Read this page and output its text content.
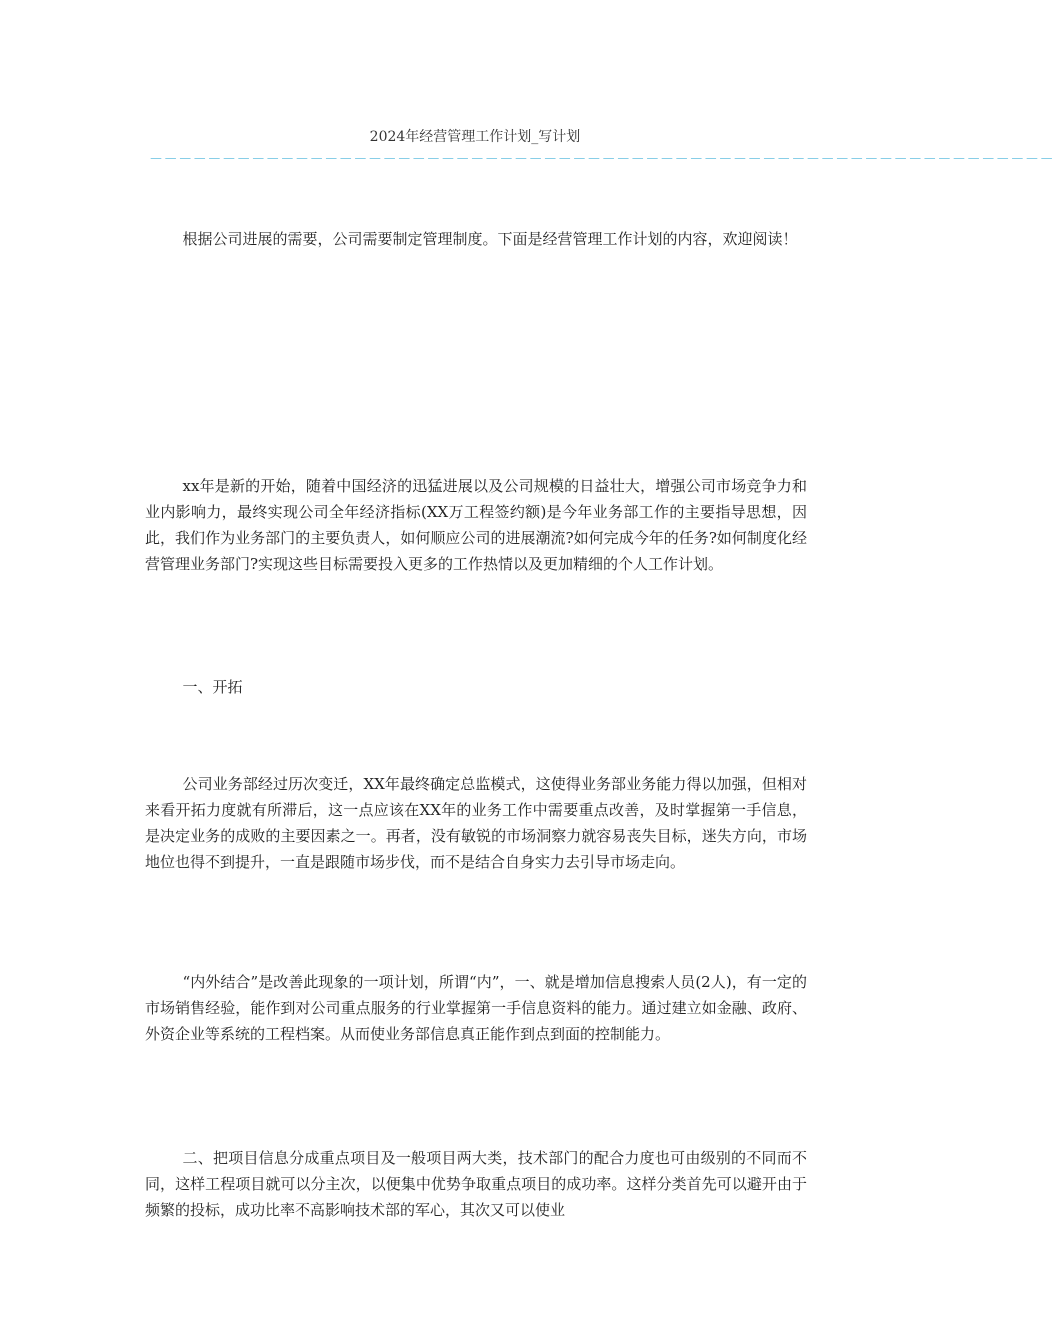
2024年经营管理工作计划_写计划
－－－－－－－－－－－－－－－－－－－－－－－－－－－－－－－－－－－－－－－－－－－－－－－－－－－－－－－－－－－－－－

根据公司进展的需要，公司需要制定管理制度。下面是经营管理工作计划的内容，欢迎阅读！

xx年是新的开始，随着中国经济的迅猛进展以及公司规模的日益壮大，增强公司市场竞争力和业内影响力，最终实现公司全年经济指标(XX万工程签约额)是今年业务部工作的主要指导思想，因此，我们作为业务部门的主要负责人，如何顺应公司的进展潮流?如何完成今年的任务?如何制度化经营管理业务部门?实现这些目标需要投入更多的工作热情以及更加精细的个人工作计划。

一、开拓

公司业务部经过历次变迁，XX年最终确定总监模式，这使得业务部业务能力得以加强，但相对来看开拓力度就有所滞后，这一点应该在XX年的业务工作中需要重点改善，及时掌握第一手信息，是决定业务的成败的主要因素之一。再者，没有敏锐的市场洞察力就容易丧失目标，迷失方向，市场地位也得不到提升，一直是跟随市场步伐，而不是结合自身实力去引导市场走向。

“内外结合”是改善此现象的一项计划，所谓“内”，一、就是增加信息搜索人员(2人)，有一定的市场销售经验，能作到对公司重点服务的行业掌握第一手信息资料的能力。通过建立如金融、政府、外资企业等系统的工程档案。从而使业务部信息真正能作到点到面的控制能力。

二、把项目信息分成重点项目及一般项目两大类，技术部门的配合力度也可由级别的不同而不同，这样工程项目就可以分主次，以便集中优势争取重点项目的成功率。这样分类首先可以避开由于频繁的投标，成功比率不高影响技术部的军心，其次又可以使业
